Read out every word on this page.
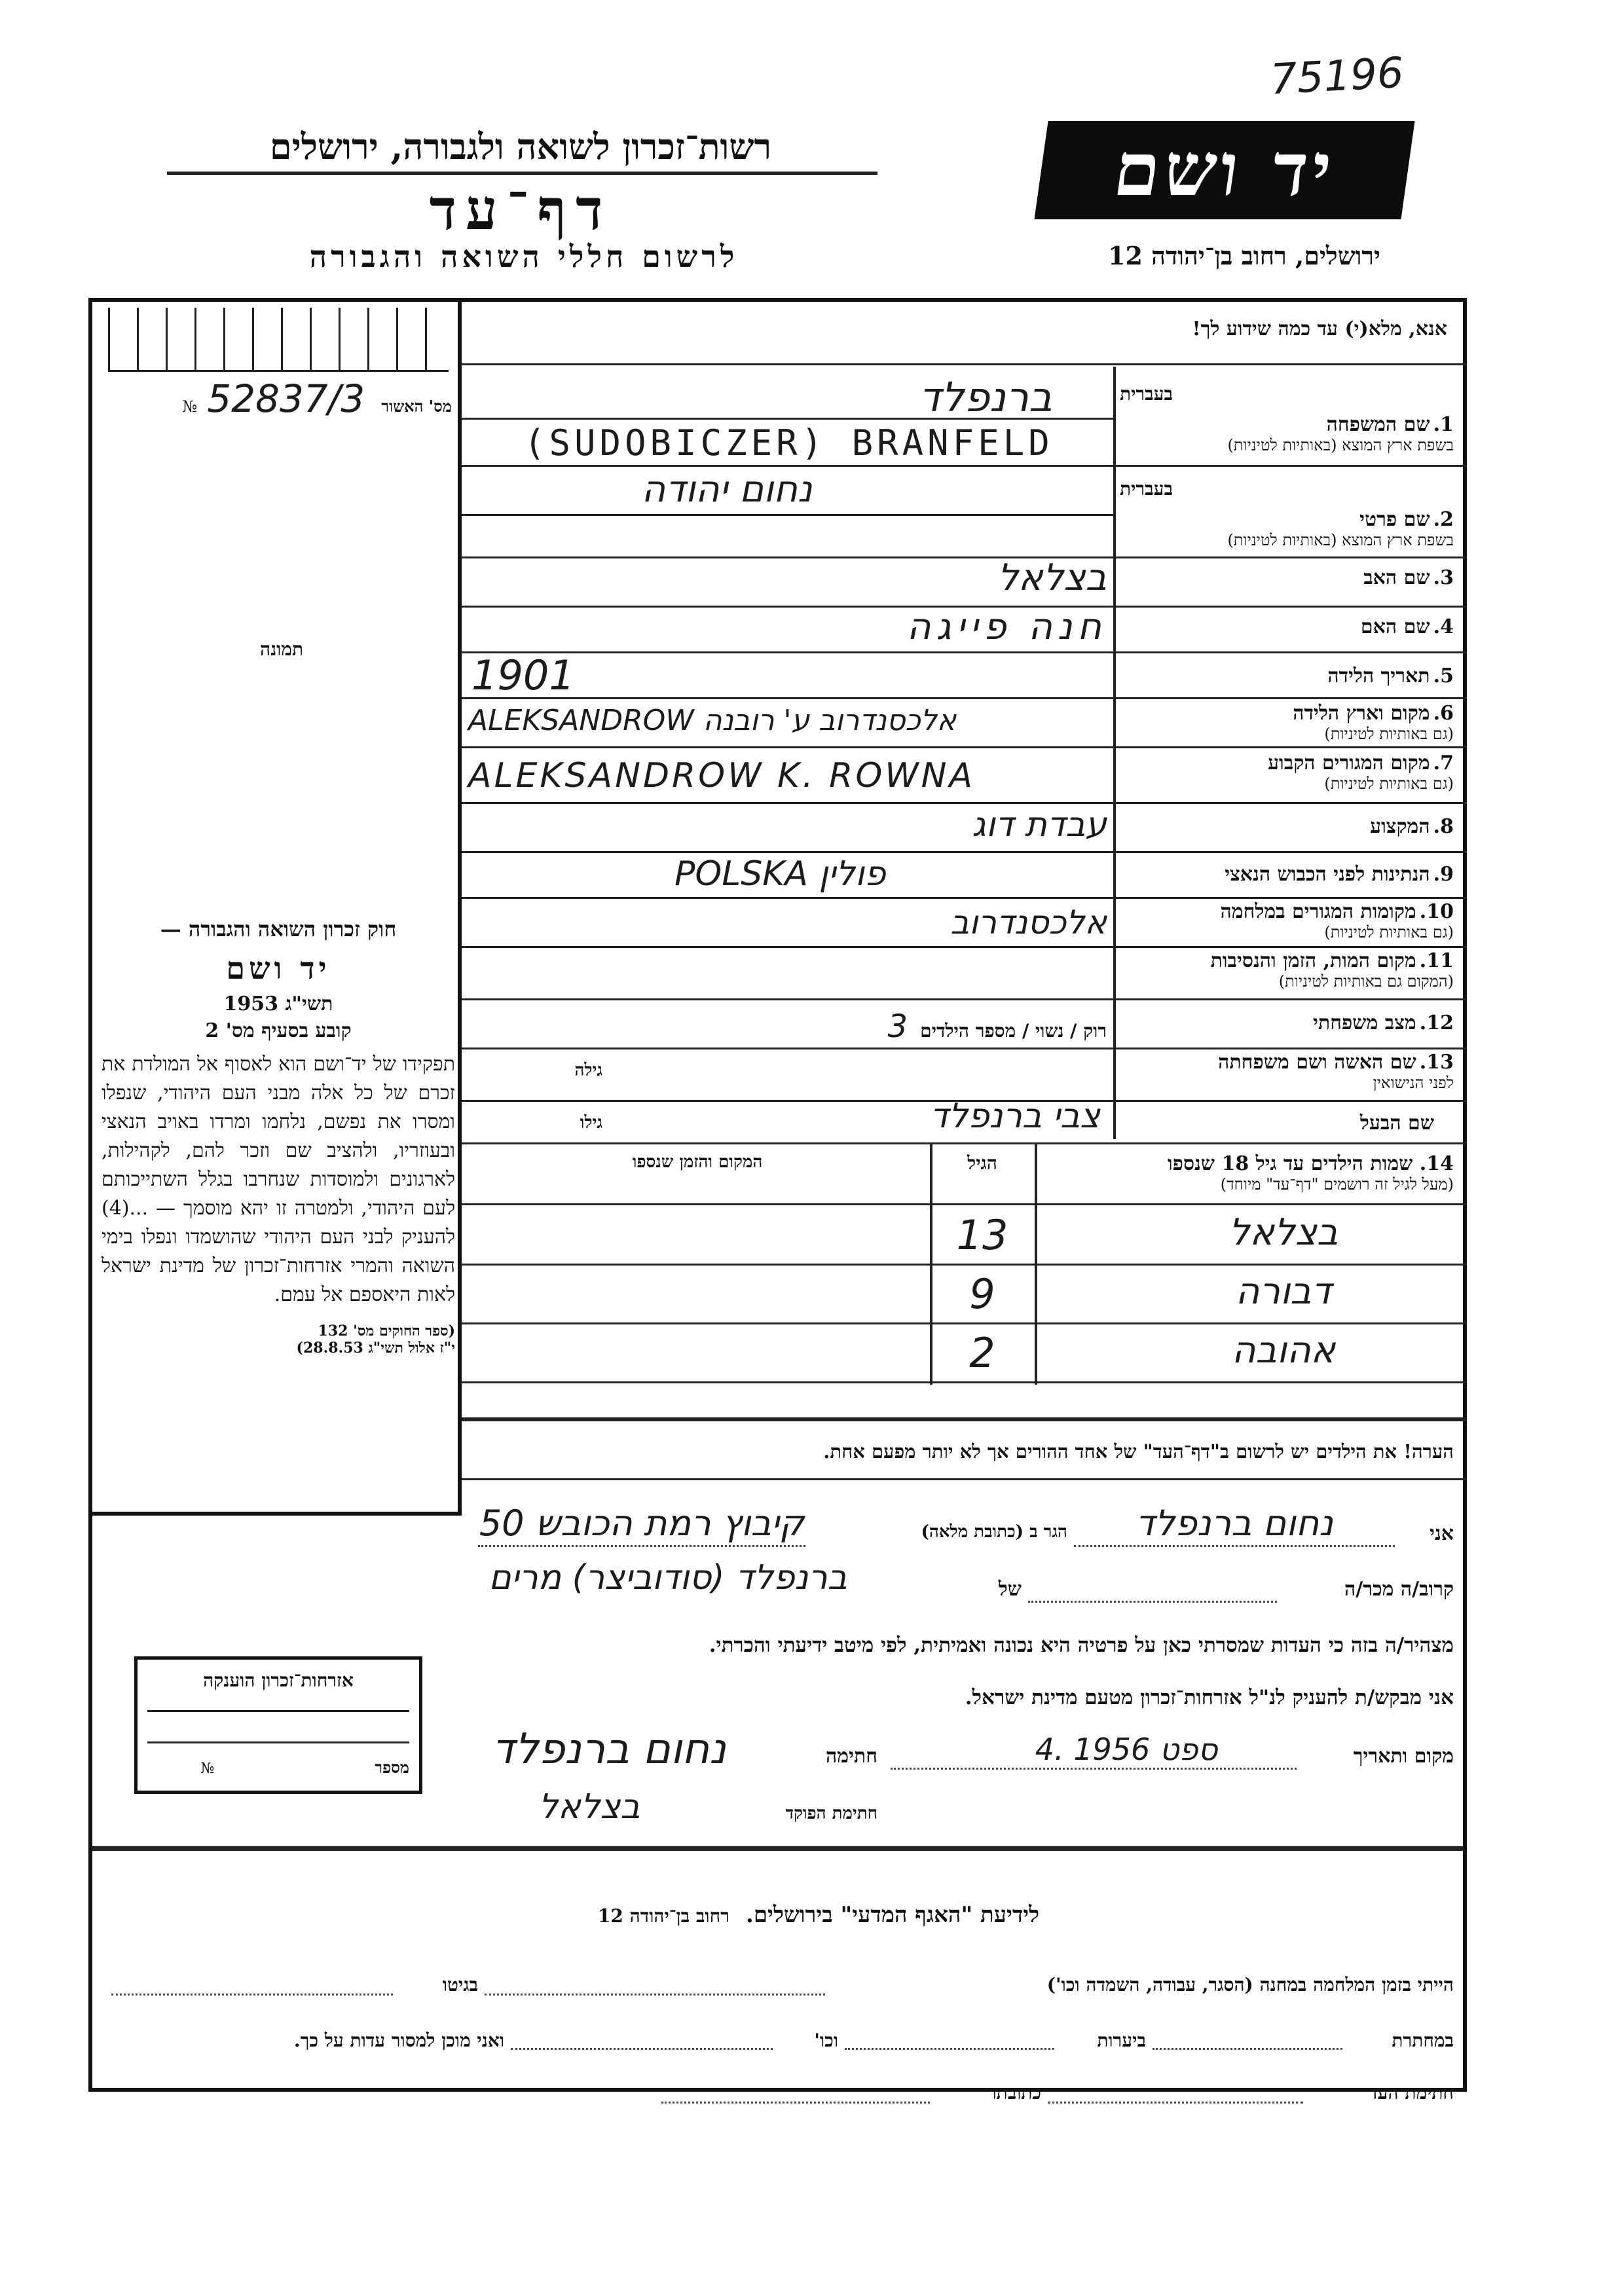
75196
רשות־זכרון לשואה ולגבורה, ירושלים
דף־עד
לרשום חללי השואה והגבורה
יד ושם
ירושלים, רחוב בן־יהודה 12
מס' האשור 52837/3 №
תמונה

חוק זכרון השואה והגבורה —

יד ושם

תשי"ג 1953

קובע בסעיף מס' 2

תפקידו של יד־ושם הוא לאסוף אל המולדת את זכרם של כל אלה מבני העם היהודי, שנפלו ומסרו את נפשם, נלחמו ומרדו באויב הנאצי ובעוזריו, ולהציב שם וזכר להם, לקהילות, לארגונים ולמוסדות שנחרבו בגלל השתייכותם לעם היהודי, ולמטרה זו יהא מוסמך — ...(4) להעניק לבני העם היהודי שהושמדו ונפלו בימי השואה והמרי אזרחות־זכרון של מדינת ישראל לאות היאספם אל עמם.

(ספר החוקים מס' 132

י"ז אלול תשי"ג 28.8.53)

אנא, מלא(י) עד כמה שידוע לך!
בעברית
1. שם המשפחה
בשפת ארץ המוצא (באותיות לטיניות)
ברנפלד
(SUDOBICZER) BRANFELD
בעברית
2. שם פרטי
בשפת ארץ המוצא (באותיות לטיניות)
נחום יהודה
3. שם האב
בצלאל
4. שם האם
חנה פייגה
5. תאריך הלידה
1901
6. מקום וארץ הלידה
(גם באותיות לטיניות)
ALEKSANDROW אלכסנדרוב ע' רובנה
7. מקום המגורים הקבוע
(גם באותיות לטיניות)
ALEKSANDROW K. ROWNA
8. המקצוע
עבדת דוג
9. הנתינות לפני הכבוש הנאצי
POLSKA פולין
10. מקומות המגורים במלחמה
(גם באותיות לטיניות)
אלכסנדרוב
11. מקום המות, הזמן והנסיבות
(המקום גם באותיות לטיניות)
12. מצב משפחתי
רוק / נשוי / מספר הילדים 3
13. שם האשה ושם משפחתה
לפני הנישואין
גילה
שם הבעל
צבי ברנפלד
גילו
14. שמות הילדים עד גיל 18 שנספו
(מעל לגיל זה רושמים "דף־עד" מיוחד)
הגיל
המקום והזמן שנספו
בצלאל
13
דבורה
9
אהובה
2
הערה! את הילדים יש לרשום ב"דף־העד" של אחד ההורים אך לא יותר מפעם אחת.
אני
נחום ברנפלד
הגר ב (כתובת מלאה)
קיבוץ רמת הכובש 50
קרוב/ה מכר/ה
של
ברנפלד (סודוביצר) מרים
מצהיר/ה בזה כי העדות שמסרתי כאן על פרטיה היא נכונה ואמיתית, לפי מיטב ידיעתי והכרתי.
אני מבקש/ת להעניק לנ"ל אזרחות־זכרון מטעם מדינת ישראל.
מקום ותאריך
4. ספט 1956
חתימה
נחום ברנפלד
חתימת הפוקד
בצלאל
אזרחות־זכרון הוענקה
מספר №
לידיעת "האגף המדעי" בירושלים. רחוב בן־יהודה 12
הייתי בזמן המלחמה במחנה (הסגר, עבודה, השמדה וכו')
בגיטו
במחתרת
ביערות
וכו'
ואני מוכן למסור עדות על כך.
חתימת העד
כתובתו
